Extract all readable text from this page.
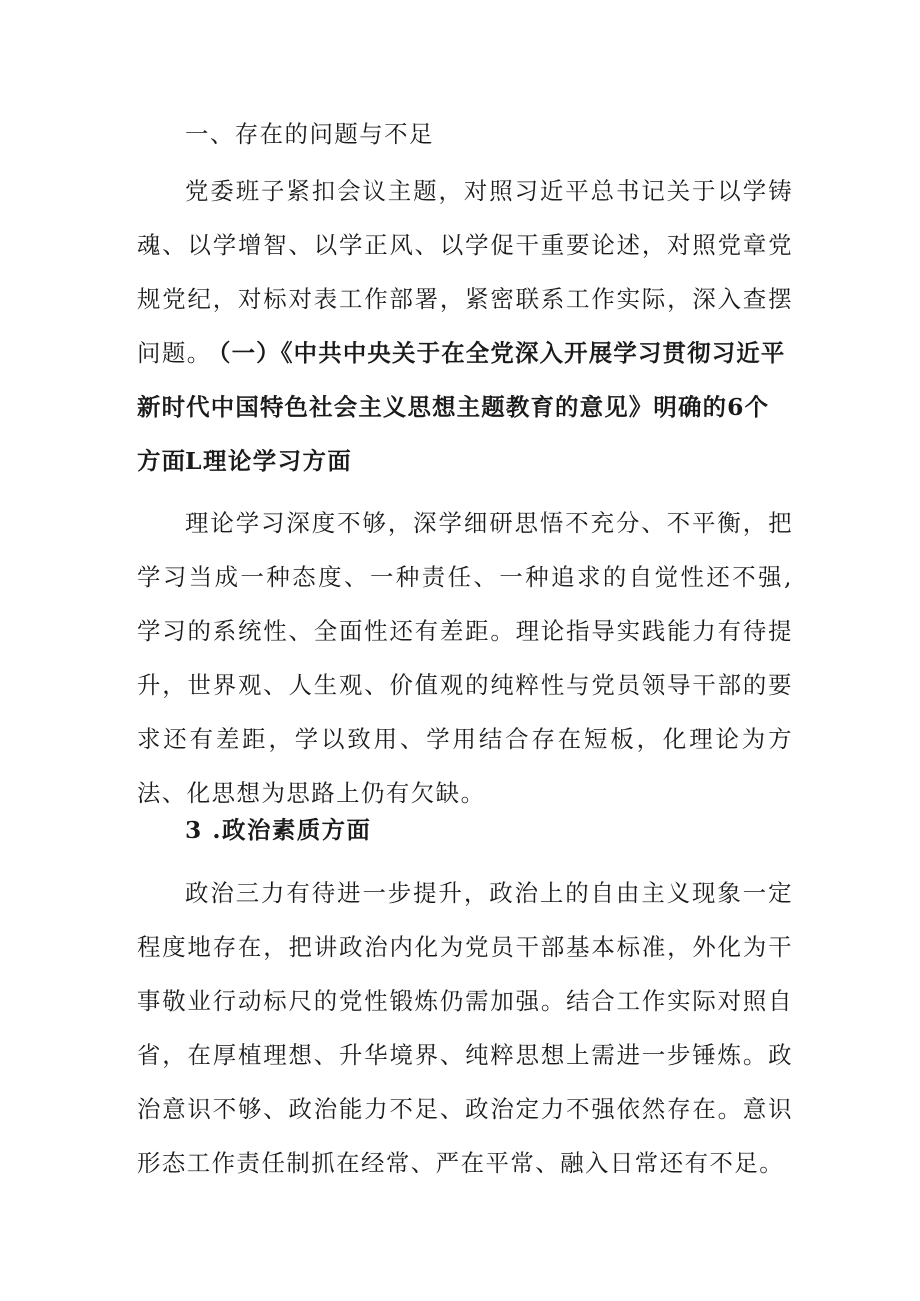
一、存在的问题与不足

党委班子紧扣会议主题，对照习近平总书记关于以学铸魂、以学增智、以学正风、以学促干重要论述，对照党章党规党纪，对标对表工作部署，紧密联系工作实际，深入查摆问题。

（一）《中共中央关于在全党深入开展学习贯彻习近平新时代中国特色社会主义思想主题教育的意见》明确的6个方面

L理论学习方面

理论学习深度不够，深学细研思悟不充分、不平衡，把学习当成一种态度、一种责任、一种追求的自觉性还不强,学习的系统性、全面性还有差距。理论指导实践能力有待提升，世界观、人生观、价值观的纯粹性与党员领导干部的要求还有差距，学以致用、学用结合存在短板，化理论为方法、化思想为思路上仍有欠缺。

3 .政治素质方面

政治三力有待进一步提升，政治上的自由主义现象一定程度地存在，把讲政治内化为党员干部基本标准，外化为干事敬业行动标尺的党性锻炼仍需加强。结合工作实际对照自省，在厚植理想、升华境界、纯粹思想上需进一步锤炼。政治意识不够、政治能力不足、政治定力不强依然存在。意识形态工作责任制抓在经常、严在平常、融入日常还有不足。
